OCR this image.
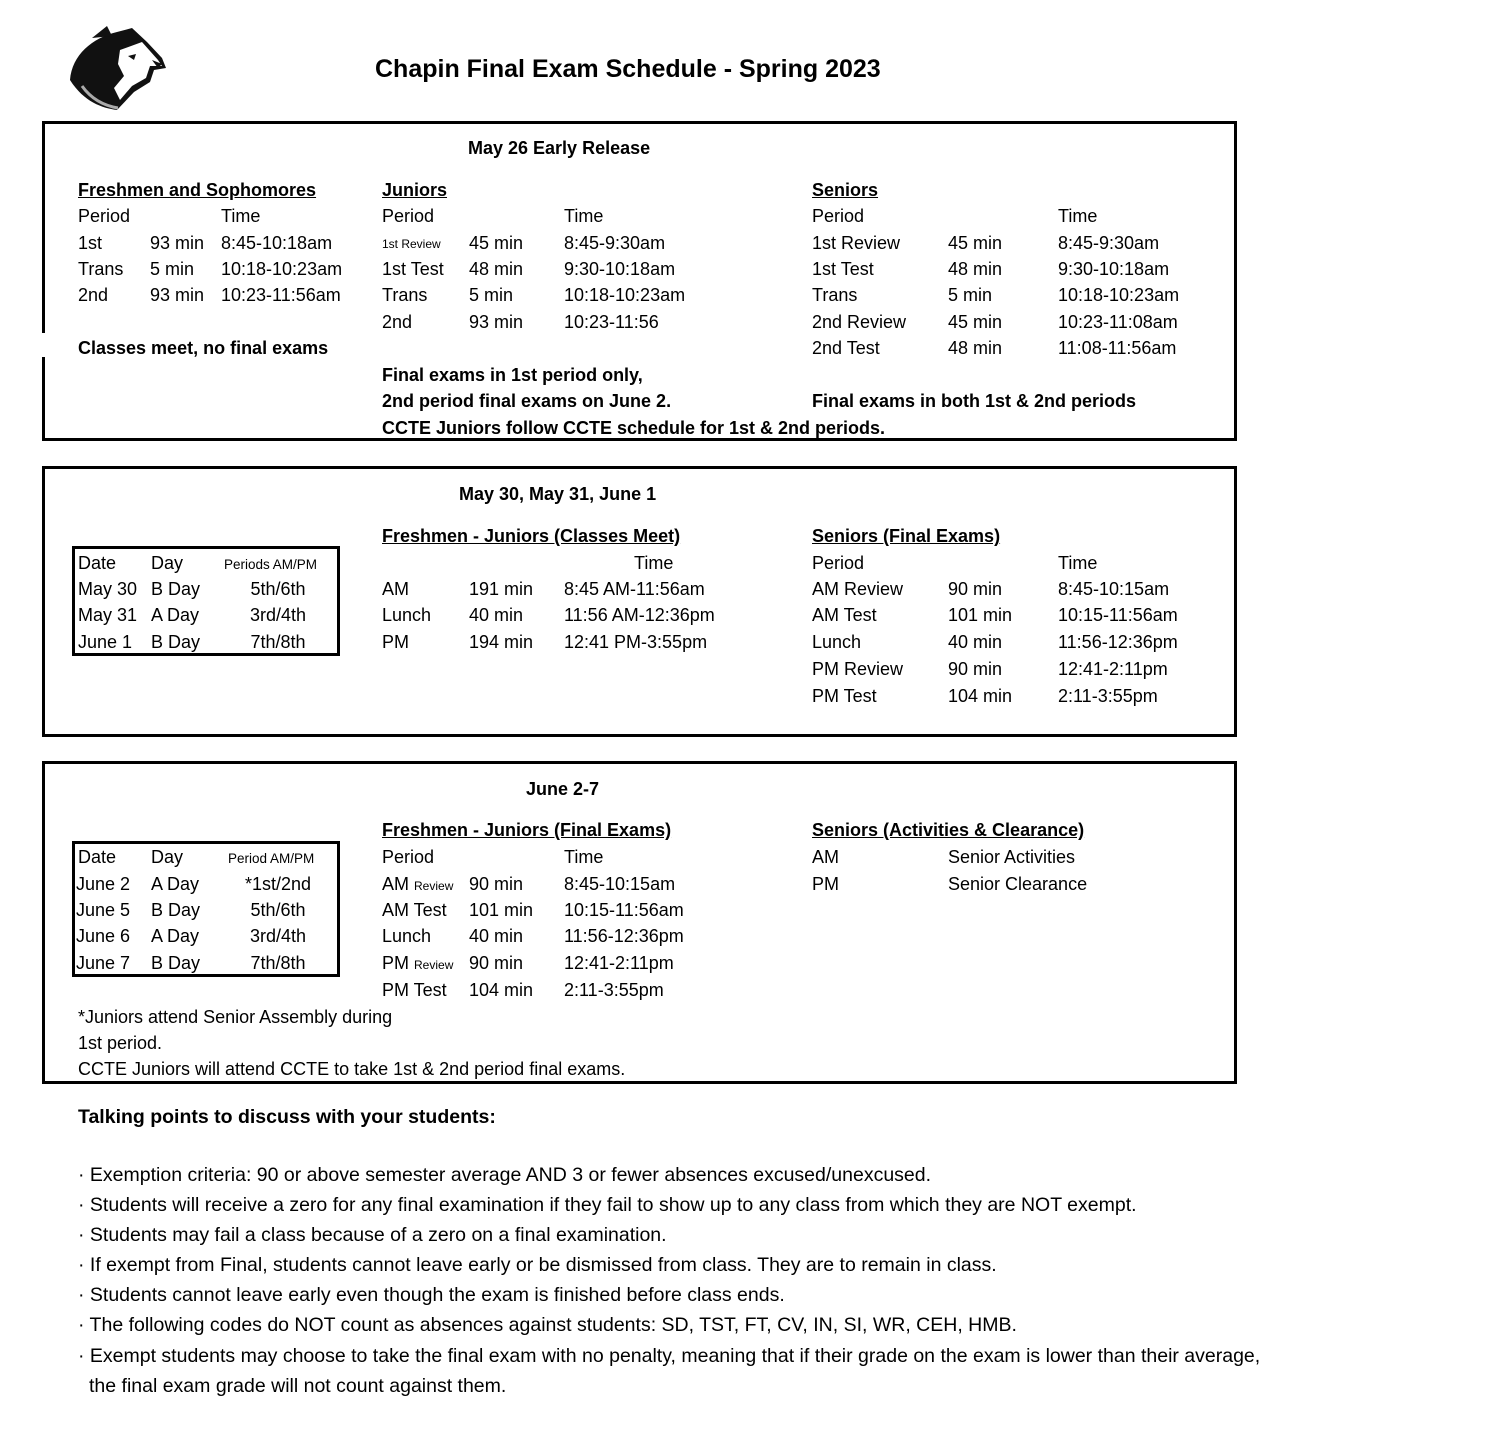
Chapin Final Exam Schedule - Spring 2023
May 26 Early Release
Freshmen and Sophomores
Period	Time
1st	93 min 8:45-10:18am
Trans 5 min 10:18-10:23am
2nd 93 min 10:23-11:56am
Classes meet, no final exams
Juniors
Period	Time
1st Review 45 min 8:45-9:30am
1st Test 48 min 9:30-10:18am
Trans 5 min	10:18-10:23am
2nd	93 min 10:23-11:56
Final exams in 1st period only,
2nd period final exams on June 2.
CCTE Juniors follow CCTE schedule for 1st & 2nd periods.
Seniors
Period	Time
1st Review	45 min	8:45-9:30am
1st Test	48 min	9:30-10:18am
Trans	5 min	10:18-10:23am
2nd Review 45 min	10:23-11:08am
2nd Test	48 min	11:08-11:56am
Final exams in both 1st & 2nd periods
May 30, May 31, June 1
Date Day	Periods AM/PM
May 30 B Day	5th/6th
May 31 A Day	3rd/4th
June 1 B Day	7th/8th
Freshmen - Juniors (Classes Meet)
Time
AM	191 min 8:45 AM-11:56am
Lunch 40 min 11:56 AM-12:36pm
PM	194 min 12:41 PM-3:55pm
Seniors (Final Exams)
Period	Time
AM Review 90 min	8:45-10:15am
AM Test	101 min	10:15-11:56am
Lunch	40 min	11:56-12:36pm
PM Review 90 min	12:41-2:11pm
PM Test	104 min	2:11-3:55pm
June 2-7
Date Day	Period AM/PM
June 2 A Day	*1st/2nd
June 5 B Day	5th/6th
June 6 A Day	3rd/4th
June 7 B Day	7th/8th
*Juniors attend Senior Assembly during
1st period.
CCTE Juniors will attend CCTE to take 1st & 2nd period final exams.
Freshmen - Juniors (Final Exams)
Period	Time
AM Review 90 min 8:45-10:15am
AM Test 101 min 10:15-11:56am
Lunch 40 min 11:56-12:36pm
PM Review 90 min 12:41-2:11pm
PM Test 104 min 2:11-3:55pm
Seniors (Activities & Clearance)
AM	Senior Activities
PM	Senior Clearance
Talking points to discuss with your students:
· Exemption criteria: 90 or above semester average AND 3 or fewer absences excused/unexcused.
· Students will receive a zero for any final examination if they fail to show up to any class from which they are NOT exempt.
· Students may fail a class because of a zero on a final examination.
· If exempt from Final, students cannot leave early or be dismissed from class. They are to remain in class.
· Students cannot leave early even though the exam is finished before class ends.
· The following codes do NOT count as absences against students: SD, TST, FT, CV, IN, SI, WR, CEH, HMB.
· Exempt students may choose to take the final exam with no penalty, meaning that if their grade on the exam is lower than their average,
the final exam grade will not count against them.
